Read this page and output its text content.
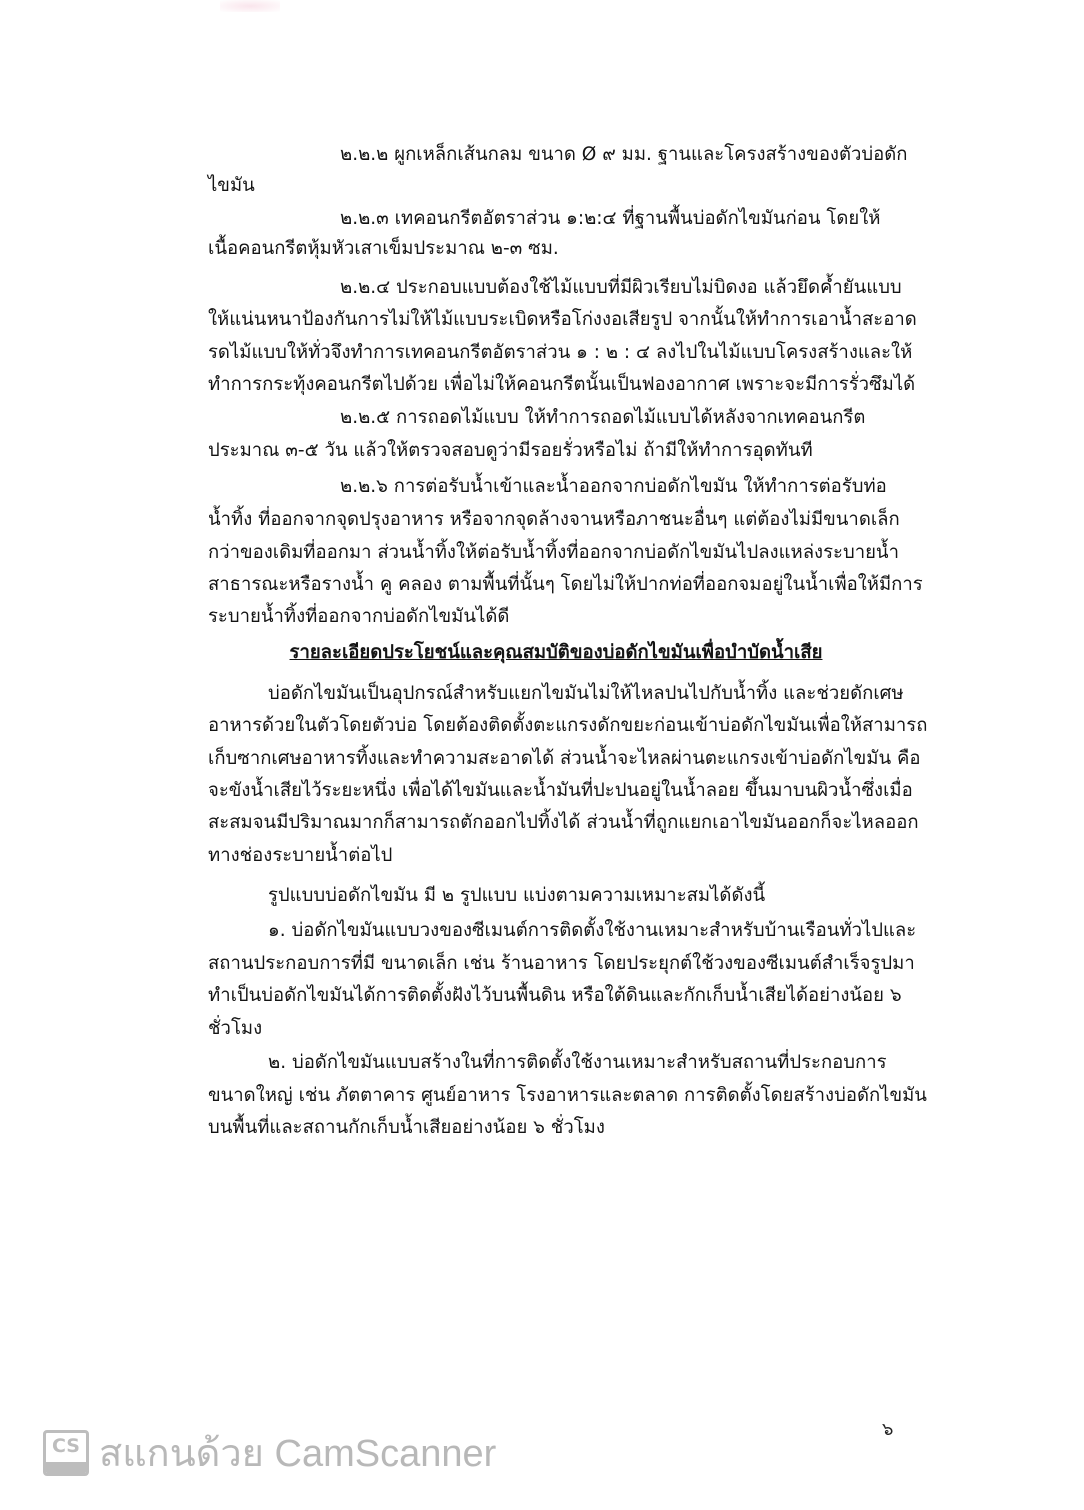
๒.๒.๒ ผูกเหล็กเส้นกลม ขนาด Ø ๙ มม. ฐานและโครงสร้างของตัวบ่อดัก
ไขมัน
๒.๒.๓ เทคอนกรีตอัตราส่วน ๑:๒:๔ ที่ฐานพื้นบ่อดักไขมันก่อน โดยให้
เนื้อคอนกรีตหุ้มหัวเสาเข็มประมาณ ๒-๓ ซม.
๒.๒.๔ ประกอบแบบต้องใช้ไม้แบบที่มีผิวเรียบไม่บิดงอ แล้วยึดค้ำยันแบบ
ให้แน่นหนาป้องกันการไม่ให้ไม้แบบระเบิดหรือโก่งงอเสียรูป จากนั้นให้ทำการเอาน้ำสะอาด
รดไม้แบบให้ทั่วจึงทำการเทคอนกรีตอัตราส่วน ๑ : ๒ : ๔ ลงไปในไม้แบบโครงสร้างและให้
ทำการกระทุ้งคอนกรีตไปด้วย เพื่อไม่ให้คอนกรีตนั้นเป็นฟองอากาศ เพราะจะมีการรั่วซึมได้
๒.๒.๕ การถอดไม้แบบ ให้ทำการถอดไม้แบบได้หลังจากเทคอนกรีต
ประมาณ ๓-๕ วัน แล้วให้ตรวจสอบดูว่ามีรอยรั่วหรือไม่ ถ้ามีให้ทำการอุดทันที
๒.๒.๖ การต่อรับน้ำเข้าและน้ำออกจากบ่อดักไขมัน ให้ทำการต่อรับท่อ
น้ำทิ้ง ที่ออกจากจุดปรุงอาหาร หรือจากจุดล้างจานหรือภาชนะอื่นๆ แต่ต้องไม่มีขนาดเล็ก
กว่าของเดิมที่ออกมา ส่วนน้ำทิ้งให้ต่อรับน้ำทิ้งที่ออกจากบ่อดักไขมันไปลงแหล่งระบายน้ำ
สาธารณะหรือรางน้ำ คู คลอง ตามพื้นที่นั้นๆ โดยไม่ให้ปากท่อที่ออกจมอยู่ในน้ำเพื่อให้มีการ
ระบายน้ำทิ้งที่ออกจากบ่อดักไขมันได้ดี
รายละเอียดประโยชน์และคุณสมบัติของบ่อดักไขมันเพื่อบำบัดน้ำเสีย
บ่อดักไขมันเป็นอุปกรณ์สำหรับแยกไขมันไม่ให้ไหลปนไปกับน้ำทิ้ง และช่วยดักเศษ
อาหารด้วยในตัวโดยตัวบ่อ โดยต้องติดตั้งตะแกรงดักขยะก่อนเข้าบ่อดักไขมันเพื่อให้สามารถ
เก็บซากเศษอาหารทิ้งและทำความสะอาดได้ ส่วนน้ำจะไหลผ่านตะแกรงเข้าบ่อดักไขมัน คือ
จะขังน้ำเสียไว้ระยะหนึ่ง เพื่อได้ไขมันและน้ำมันที่ปะปนอยู่ในน้ำลอย ขึ้นมาบนผิวน้ำซึ่งเมื่อ
สะสมจนมีปริมาณมากก็สามารถตักออกไปทิ้งได้ ส่วนน้ำที่ถูกแยกเอาไขมันออกก็จะไหลออก
ทางช่องระบายน้ำต่อไป
รูปแบบบ่อดักไขมัน มี ๒ รูปแบบ แบ่งตามความเหมาะสมได้ดังนี้
๑. บ่อดักไขมันแบบวงของซีเมนต์การติดตั้งใช้งานเหมาะสำหรับบ้านเรือนทั่วไปและ
สถานประกอบการที่มี ขนาดเล็ก เช่น ร้านอาหาร โดยประยุกต์ใช้วงของซีเมนต์สำเร็จรูปมา
ทำเป็นบ่อดักไขมันได้การติดตั้งฝังไว้บนพื้นดิน หรือใต้ดินและกักเก็บน้ำเสียได้อย่างน้อย ๖
ชั่วโมง
๒. บ่อดักไขมันแบบสร้างในที่การติดตั้งใช้งานเหมาะสำหรับสถานที่ประกอบการ
ขนาดใหญ่ เช่น ภัตตาคาร ศูนย์อาหาร โรงอาหารและตลาด การติดตั้งโดยสร้างบ่อดักไขมัน
บนพื้นที่และสถานกักเก็บน้ำเสียอย่างน้อย ๖ ชั่วโมง
๖
CS สแกนด้วย CamScanner
